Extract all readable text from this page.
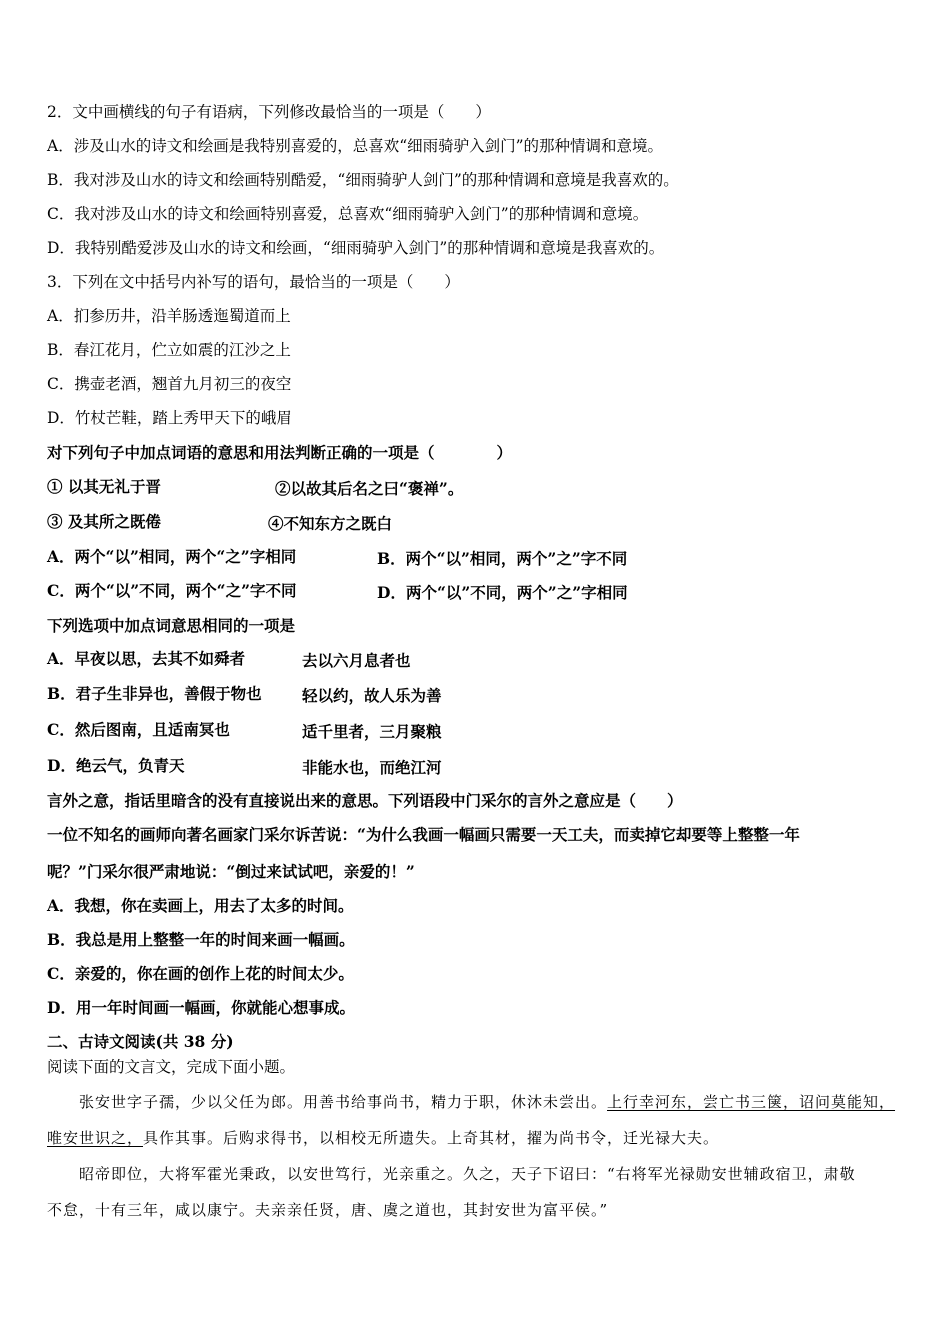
2．文中画横线的句子有语病，下列修改最恰当的一项是（　　）
A．涉及山水的诗文和绘画是我特别喜爱的，总喜欢“细雨骑驴入剑门”的那种情调和意境。
B．我对涉及山水的诗文和绘画特别酷爱，“细雨骑驴人剑门”的那种情调和意境是我喜欢的。
C．我对涉及山水的诗文和绘画特别喜爱，总喜欢“细雨骑驴入剑门”的那种情调和意境。
D．我特别酷爱涉及山水的诗文和绘画，“细雨骑驴入剑门”的那种情调和意境是我喜欢的。
3．下列在文中括号内补写的语句，最恰当的一项是（　　）
A．扪参历井，沿羊肠透迤蜀道而上
B．春江花月，伫立如震的江沙之上
C．携壶老酒，翘首九月初三的夜空
D．竹杖芒鞋，踏上秀甲天下的峨眉
对下列句子中加点词语的意思和用法判断正确的一项是（　　　　）
① 以其无礼于晋	②以故其后名之曰“褒禅”。
③ 及其所之既倦	④不知东方之既白
A．两个“以”相同，两个“之”字相同	B．两个“以”相同，两个”之”字不同
C．两个“以”不同，两个“之”字不同	D．两个“以”不同，两个”之”字相同
下列选项中加点词意思相同的一项是
A．早夜以思，去其不如舜者	去以六月息者也
B．君子生非异也，善假于物也	轻以约，故人乐为善
C．然后图南，且适南冥也	适千里者，三月聚粮
D．绝云气，负青天	非能水也，而绝江河
言外之意，指话里暗含的没有直接说出来的意思。下列语段中门采尔的言外之意应是（　　）
一位不知名的画师向著名画家门采尔诉苦说：“为什么我画一幅画只需要一天工夫，而卖掉它却要等上整整一年
呢？”门采尔很严肃地说：“倒过来试试吧，亲爱的！”
A．我想，你在卖画上，用去了太多的时间。
B．我总是用上整整一年的时间来画一幅画。
C．亲爱的，你在画的创作上花的时间太少。
D．用一年时间画一幅画，你就能心想事成。
二、古诗文阅读(共 38 分)
阅读下面的文言文，完成下面小题。
张安世字子孺，少以父任为郎。用善书给事尚书，精力于职，休沐未尝出。上行幸河东，尝亡书三箧，诏问莫能知，
唯安世识之，具作其事。后购求得书，以相校无所遗失。上奇其材，擢为尚书令，迁光禄大夫。
昭帝即位，大将军霍光秉政，以安世笃行，光亲重之。久之，天子下诏曰：“右将军光禄勋安世辅政宿卫，肃敬
不怠，十有三年，咸以康宁。夫亲亲任贤，唐、虞之道也，其封安世为富平侯。”
